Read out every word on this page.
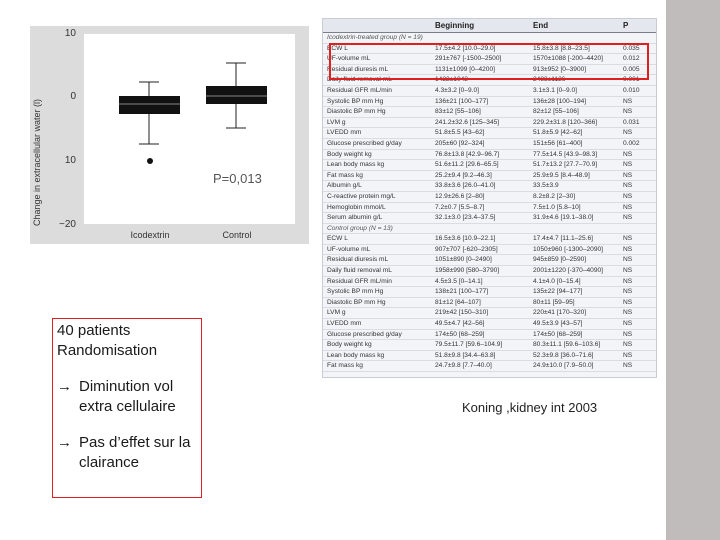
Change in extracellular water (l)
10
0
10
−20
P=0,013
Icodextrin	Control
Beginning	End	P
Icodextrin-treated group (N = 19)
ECW L	17.5±4.2 [10.0–29.0]	15.8±3.8 [8.8–23.5]	0.035
UF-volume mL	291±767 [-1500–2500]	1570±1088 [-200–4420]	0.012
Residual diuresis mL	1131±1099 [0–4200]	913±952 [0–3900]	0.005
Daily fluid removal mL	1422±1042	2483±1126	0.001
Residual GFR mL/min	4.3±3.2 [0–9.0]	3.1±3.1 [0–9.0]	0.010
Systolic BP mm Hg	136±21 [100–177]	136±28 [100–194]	NS
Diastolic BP mm Hg	83±12 [55–106]	82±12 [55–106]	NS
LVM g	241.2±32.6 [125–345]	229.2±31.8 [120–366]	0.031
LVEDD mm	51.8±5.5 [43–62]	51.8±5.9 [42–62]	NS
Glucose prescribed g/day	205±60 [92–324]	151±56 [61–400]	0.002
Body weight kg	76.8±13.8 [42.9–96.7]	77.5±14.5 [43.9–98.3]	NS
Lean body mass kg	51.6±11.2 [29.6–65.5]	51.7±13.2 [27.7–70.9]	NS
Fat mass kg	25.2±9.4 [9.2–46.3]	25.9±9.5 [8.4–48.9]	NS
Albumin g/L	33.8±3.6 [26.0–41.0]	33.5±3.9	NS
C-reactive protein mg/L	12.9±26.6 [2–80]	8.2±8.2 [2–30]	NS
Hemoglobin mmol/L	7.2±0.7 [5.5–8.7]	7.5±1.0 [5.8–10]	NS
Serum albumin g/L	32.1±3.0 [23.4–37.5]	31.9±4.6 [19.1–38.0]	NS
Control group (N = 13)
ECW L	16.5±3.6 [10.9–22.1]	17.4±4.7 [11.1–25.6]	NS
UF-volume mL	907±707 [-620–2305]	1050±960 [-1300–2090]	NS
Residual diuresis mL	1051±890 [0–2490]	945±859 [0–2590]	NS
Daily fluid removal mL	1958±990 [580–3790]	2001±1220 [-370–4090]	NS
Residual GFR mL/min	4.5±3.5 [0–14.1]	4.1±4.0 [0–15.4]	NS
Systolic BP mm Hg	138±21 [100–177]	135±22 [94–177]	NS
Diastolic BP mm Hg	81±12 [64–107]	80±11 [59–95]	NS
LVM g	219±42 [150–310]	220±41 [170–320]	NS
LVEDD mm	49.5±4.7 [42–56]	49.5±3.9 [43–57]	NS
Glucose prescribed g/day	174±50 [68–259]	174±50 [68–259]	NS
Body weight kg	79.5±11.7 [59.6–104.9]	80.3±11.1 [59.6–103.6]	NS
Lean body mass kg	51.8±9.8 [34.4–63.8]	52.3±9.8 [36.0–71.6]	NS
Fat mass kg	24.7±9.8 [7.7–40.0]	24.9±10.0 [7.9–50.0]	NS
40 patients
Randomisation
→ Diminution vol extra cellulaire
→ Pas d’effet sur la clairance
Koning ,kidney int 2003
